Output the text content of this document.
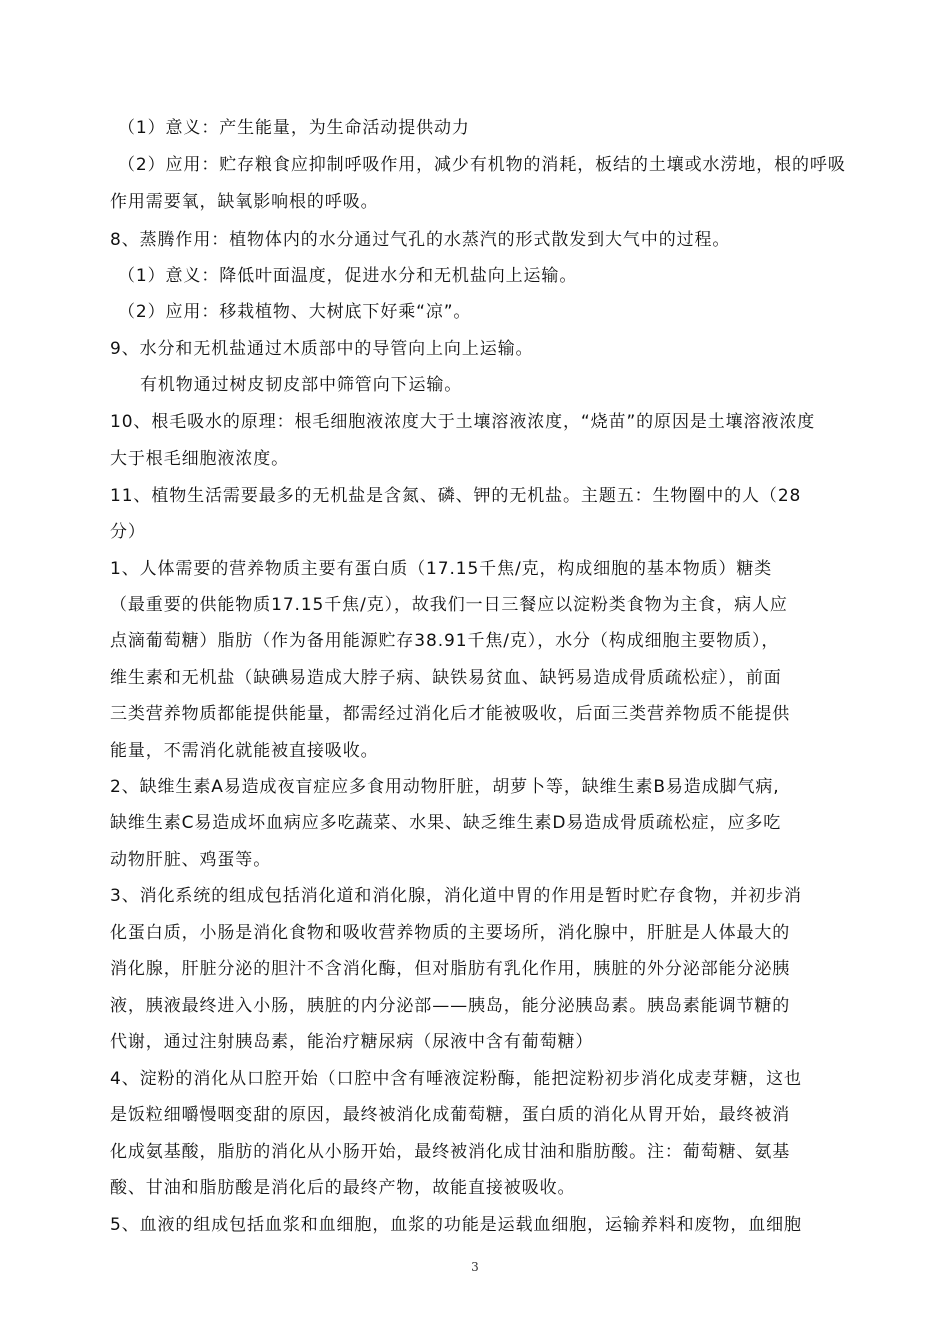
（1）意义：产生能量，为生命活动提供动力
（2）应用：贮存粮食应抑制呼吸作用，减少有机物的消耗，板结的土壤或水涝地，根的呼吸
作用需要氧，缺氧影响根的呼吸。
8、蒸腾作用：植物体内的水分通过气孔的水蒸汽的形式散发到大气中的过程。
（1）意义：降低叶面温度，促进水分和无机盐向上运输。
（2）应用：移栽植物、大树底下好乘“凉”。
9、水分和无机盐通过木质部中的导管向上向上运输。
有机物通过树皮韧皮部中筛管向下运输。
10、根毛吸水的原理：根毛细胞液浓度大于土壤溶液浓度，“烧苗”的原因是土壤溶液浓度
大于根毛细胞液浓度。
11、植物生活需要最多的无机盐是含氮、磷、钾的无机盐。主题五：生物圈中的人（28
分）
1、人体需要的营养物质主要有蛋白质（17.15千焦/克，构成细胞的基本物质）糖类
（最重要的供能物质17.15千焦/克），故我们一日三餐应以淀粉类食物为主食，病人应
点滴葡萄糖）脂肪（作为备用能源贮存38.91千焦/克），水分（构成细胞主要物质），
维生素和无机盐（缺碘易造成大脖子病、缺铁易贫血、缺钙易造成骨质疏松症），前面
三类营养物质都能提供能量，都需经过消化后才能被吸收，后面三类营养物质不能提供
能量，不需消化就能被直接吸收。
2、缺维生素A易造成夜盲症应多食用动物肝脏，胡萝卜等，缺维生素B易造成脚气病,
缺维生素C易造成坏血病应多吃蔬菜、水果、缺乏维生素D易造成骨质疏松症，应多吃
动物肝脏、鸡蛋等。
3、消化系统的组成包括消化道和消化腺，消化道中胃的作用是暂时贮存食物，并初步消
化蛋白质，小肠是消化食物和吸收营养物质的主要场所，消化腺中，肝脏是人体最大的
消化腺，肝脏分泌的胆汁不含消化酶，但对脂肪有乳化作用，胰脏的外分泌部能分泌胰
液，胰液最终进入小肠，胰脏的内分泌部——胰岛，能分泌胰岛素。胰岛素能调节糖的
代谢，通过注射胰岛素，能治疗糖尿病（尿液中含有葡萄糖）
4、淀粉的消化从口腔开始（口腔中含有唾液淀粉酶，能把淀粉初步消化成麦芽糖，这也
是饭粒细嚼慢咽变甜的原因，最终被消化成葡萄糖，蛋白质的消化从胃开始，最终被消
化成氨基酸，脂肪的消化从小肠开始，最终被消化成甘油和脂肪酸。注：葡萄糖、氨基
酸、甘油和脂肪酸是消化后的最终产物，故能直接被吸收。
5、血液的组成包括血浆和血细胞，血浆的功能是运载血细胞，运输养料和废物，血细胞
3
